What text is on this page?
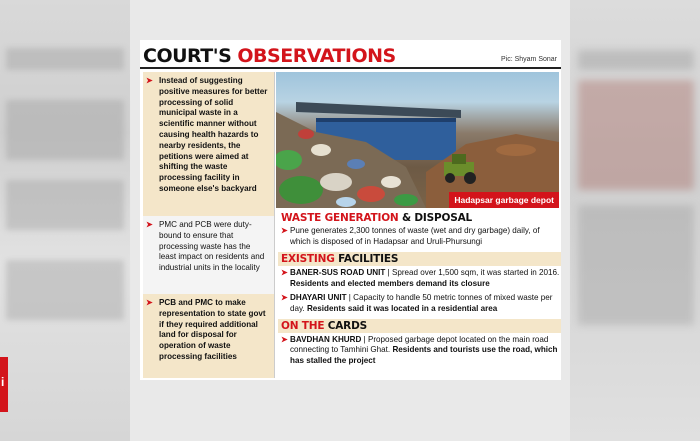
i
COURT'S OBSERVATIONS	Pic: Shyam Sonar
➤ Instead of suggesting positive measures for better processing of solid municipal waste in a scientific manner without causing health hazards to nearby residents, the petitions were aimed at shifting the waste processing facility in someone else's backyard
➤ PMC and PCB were duty-bound to ensure that processing waste has the least impact on residents and industrial units in the locality
➤ PCB and PMC to make representation to state govt if they required additional land for disposal for operation of waste processing facilities
Hadapsar garbage depot
WASTE GENERATION & DISPOSAL
➤ Pune generates 2,300 tonnes of waste (wet and dry garbage) daily, of which is disposed of in Hadapsar and Uruli-Phursungi
EXISTING FACILITIES
➤ BANER-SUS ROAD UNIT | Spread over 1,500 sqm, it was started in 2016. Residents and elected members demand its closure
➤ DHAYARI UNIT | Capacity to handle 50 metric tonnes of mixed waste per day. Residents said it was located in a residential area
ON THE CARDS
➤ BAVDHAN KHURD | Proposed garbage depot located on the main road connecting to Tamhini Ghat. Residents and tourists use the road, which has stalled the project
